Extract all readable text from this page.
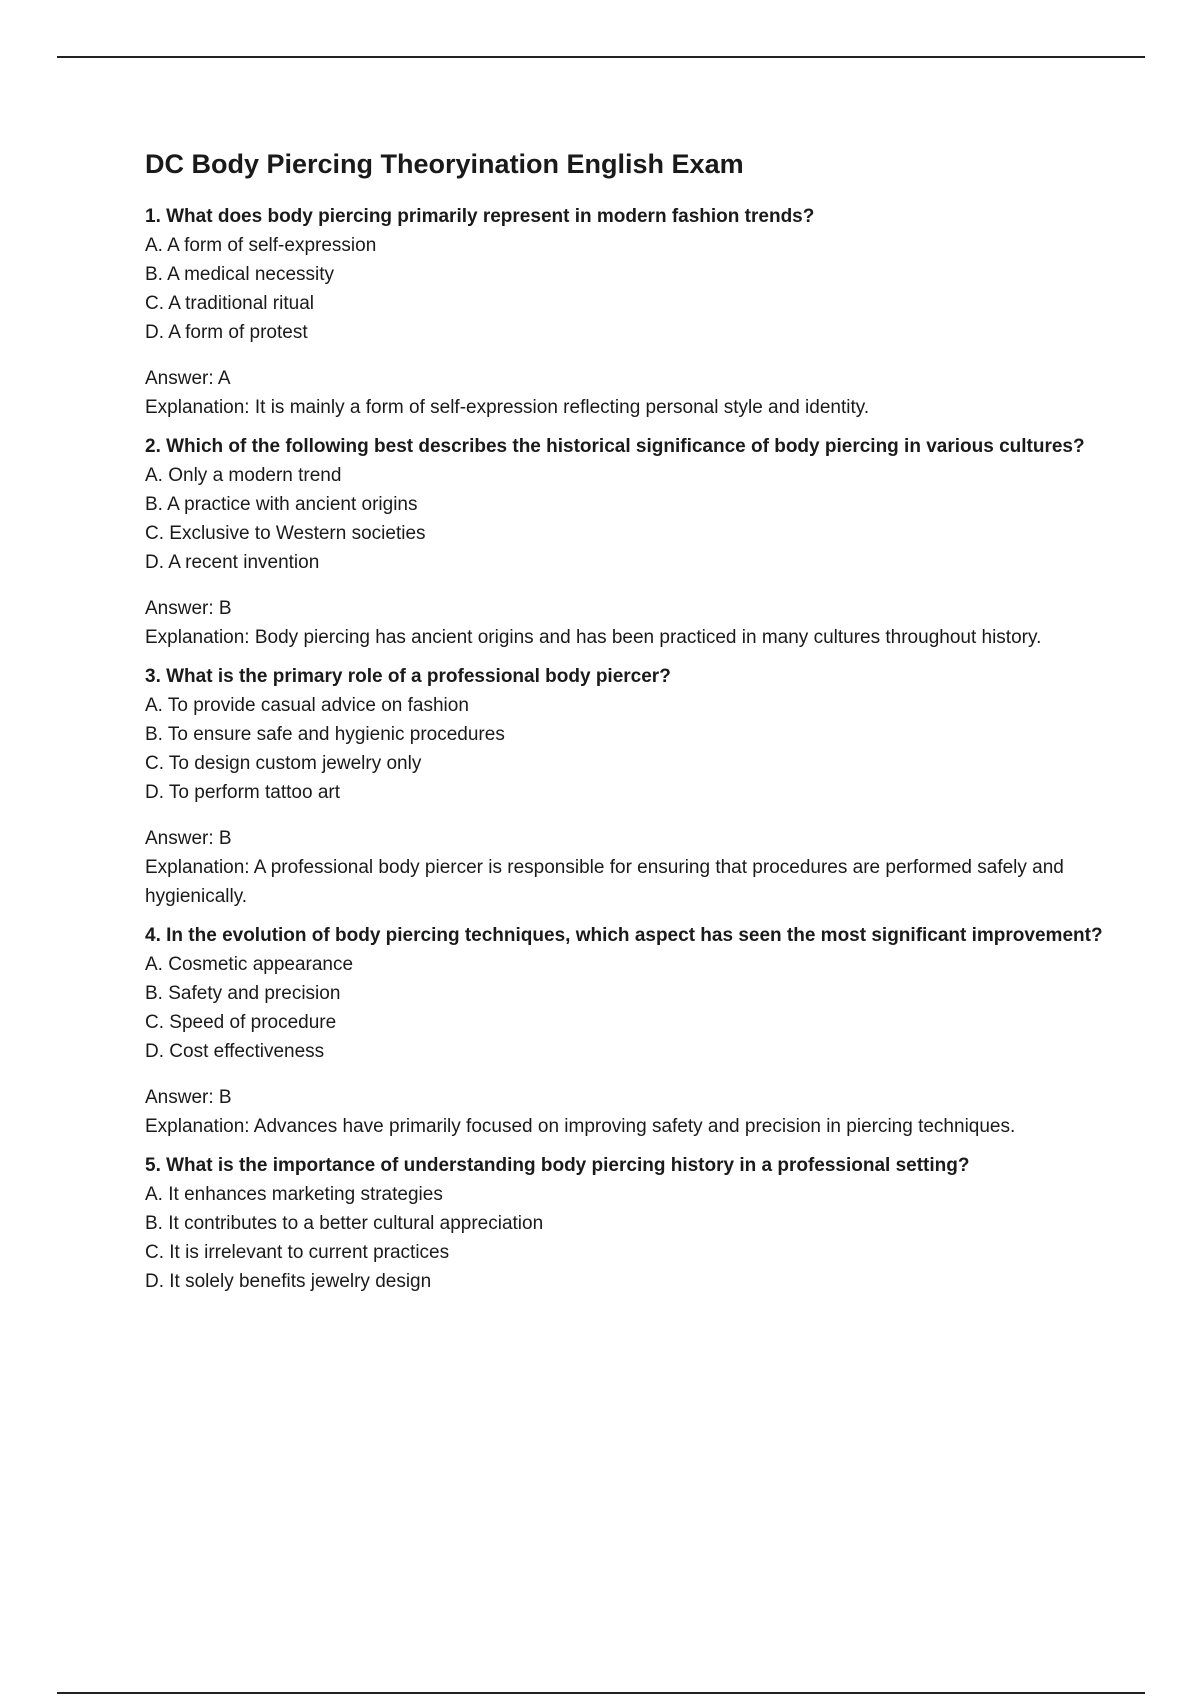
DC Body Piercing Theoryination English Exam

1. What does body piercing primarily represent in modern fashion trends?

A. A form of self-expression

B. A medical necessity

C. A traditional ritual

D. A form of protest

Answer: A

Explanation: It is mainly a form of self-expression reflecting personal style and identity.

2. Which of the following best describes the historical significance of body piercing in various cultures?

A. Only a modern trend

B. A practice with ancient origins

C. Exclusive to Western societies

D. A recent invention

Answer: B

Explanation: Body piercing has ancient origins and has been practiced in many cultures throughout history.

3. What is the primary role of a professional body piercer?

A. To provide casual advice on fashion

B. To ensure safe and hygienic procedures

C. To design custom jewelry only

D. To perform tattoo art

Answer: B

Explanation: A professional body piercer is responsible for ensuring that procedures are performed safely and hygienically.

4. In the evolution of body piercing techniques, which aspect has seen the most significant improvement?

A. Cosmetic appearance

B. Safety and precision

C. Speed of procedure

D. Cost effectiveness

Answer: B

Explanation: Advances have primarily focused on improving safety and precision in piercing techniques.

5. What is the importance of understanding body piercing history in a professional setting?

A. It enhances marketing strategies

B. It contributes to a better cultural appreciation

C. It is irrelevant to current practices

D. It solely benefits jewelry design
